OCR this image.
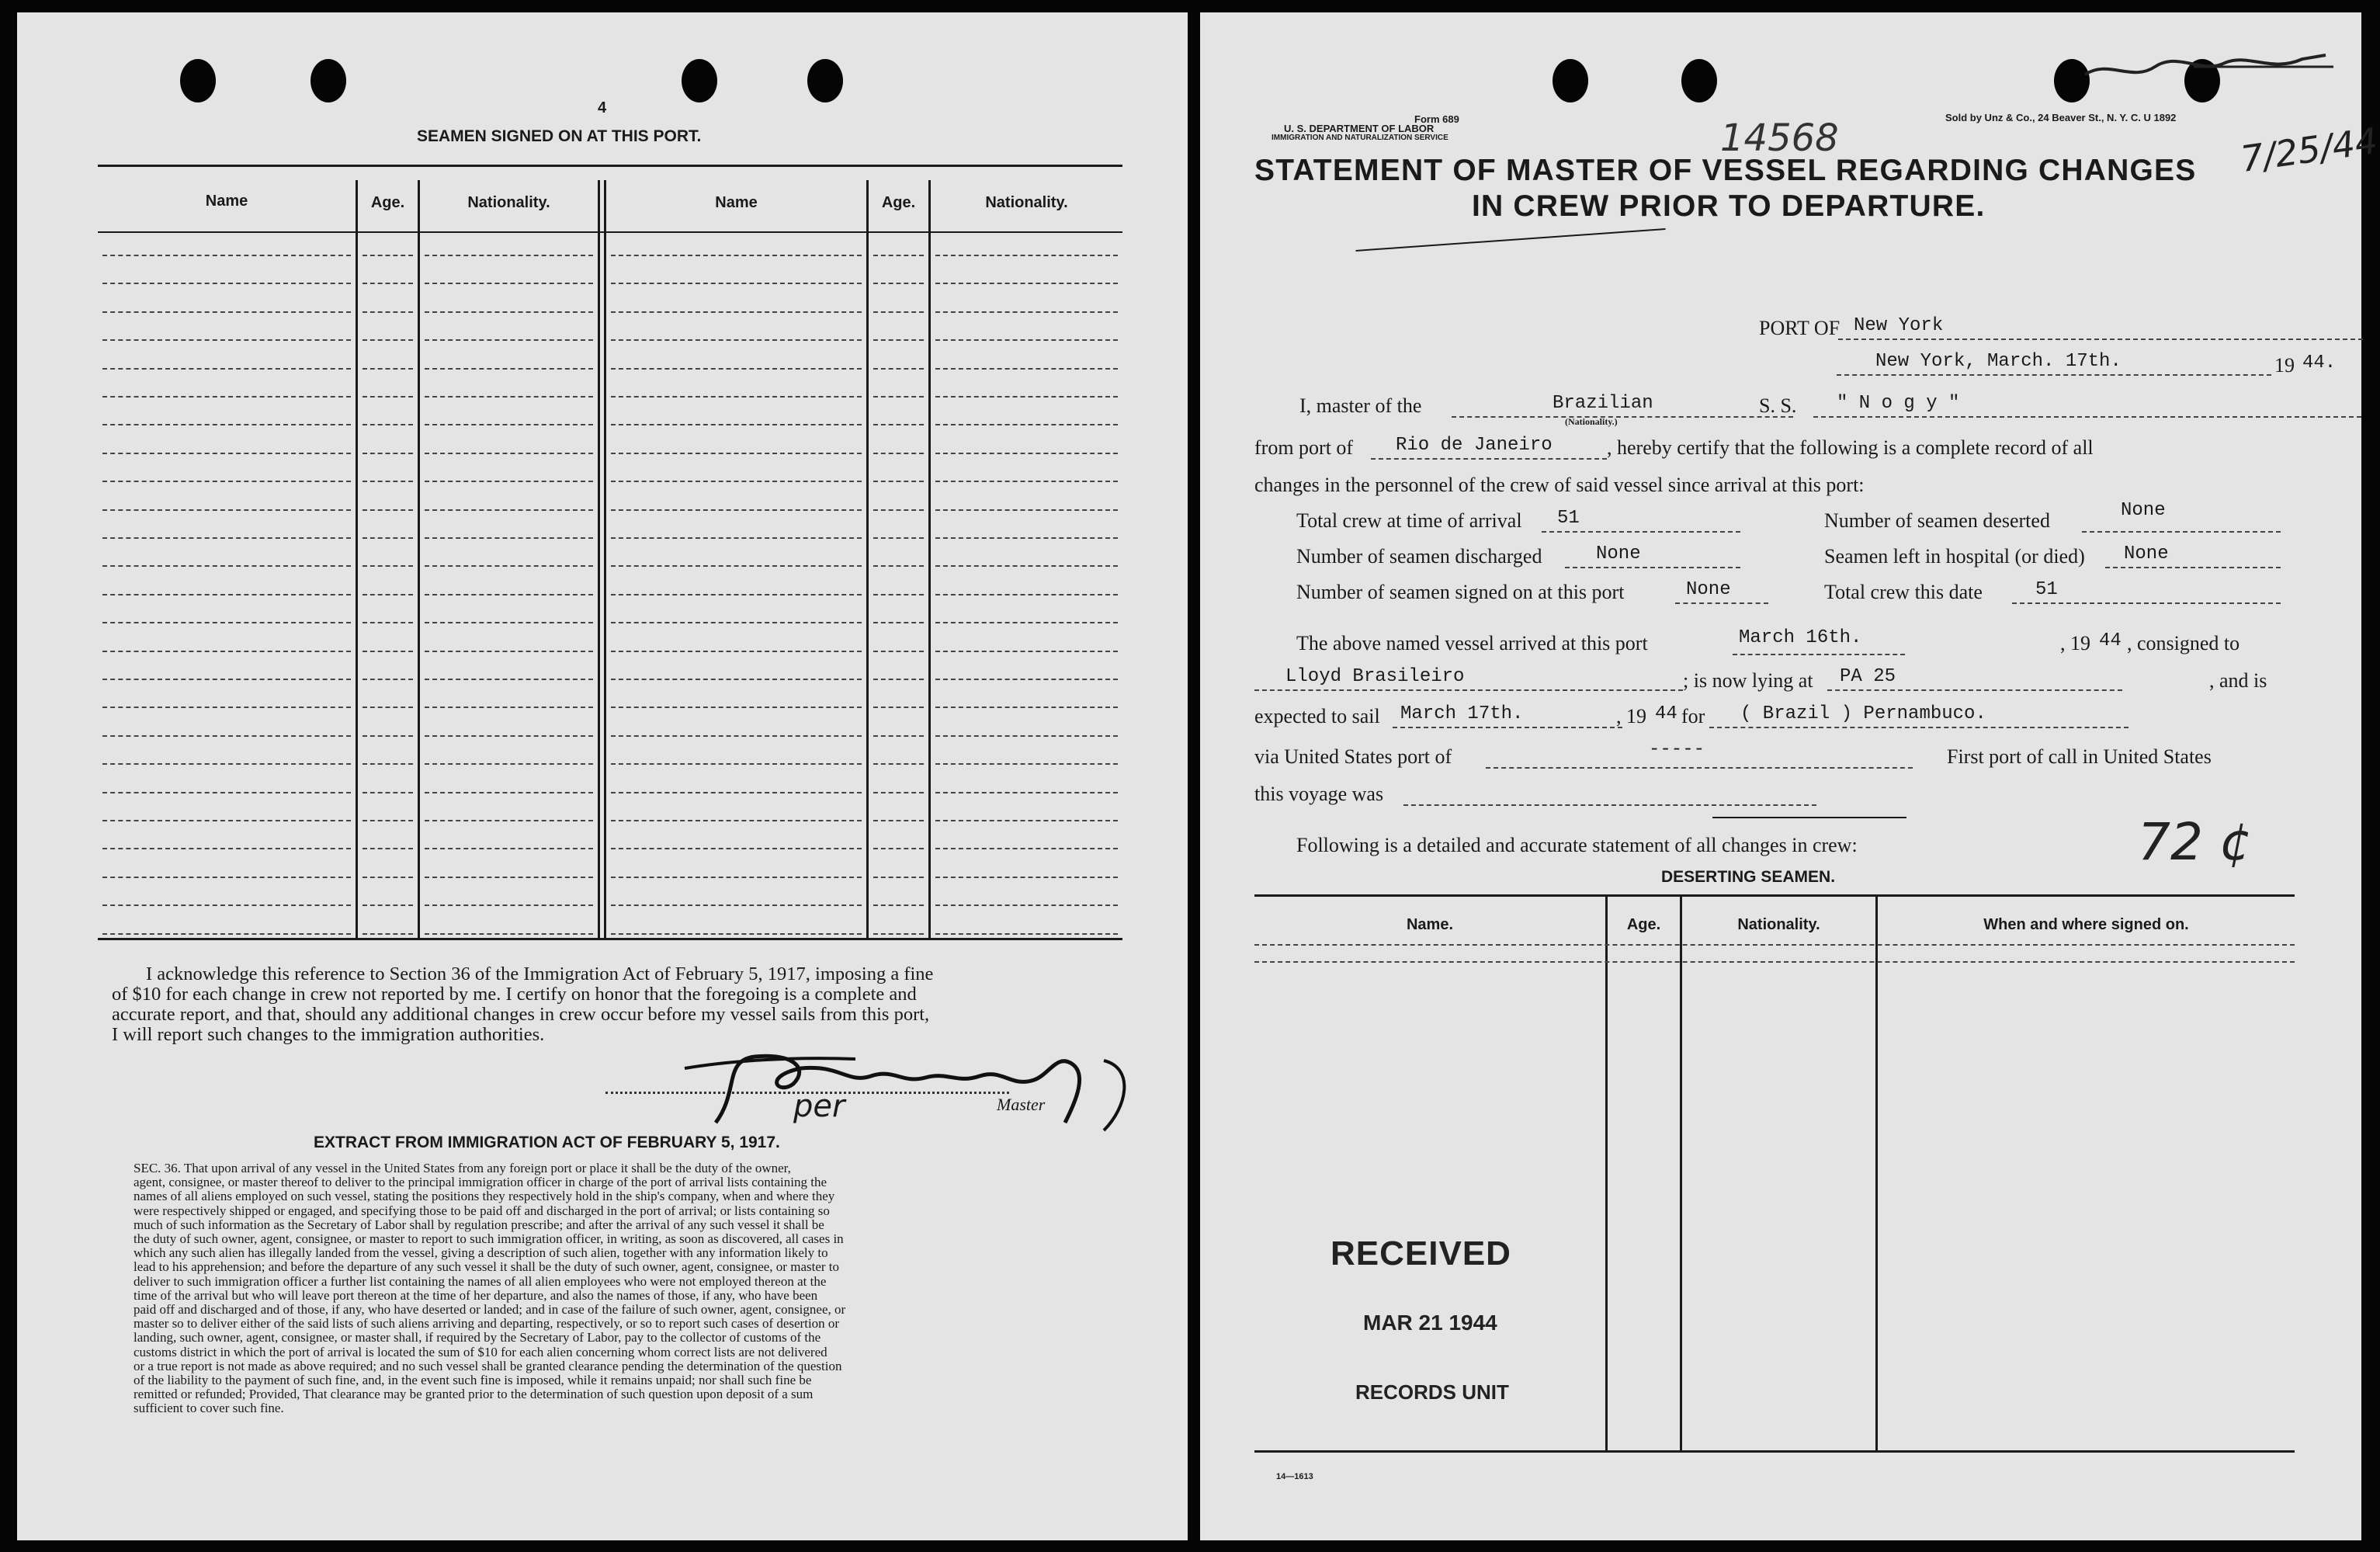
4
SEAMEN SIGNED ON AT THIS PORT.
Name	Age.	Nationality.	Name	Age.	Nationality.
I acknowledge this reference to Section 36 of the Immigration Act of February 5, 1917, imposing a fine
of $10 for each change in crew not reported by me. I certify on honor that the foregoing is a complete and
accurate report, and that, should any additional changes in crew occur before my vessel sails from this port,
I will report such changes to the immigration authorities.
per	Master
EXTRACT FROM IMMIGRATION ACT OF FEBRUARY 5, 1917.
SEC. 36. That upon arrival of any vessel in the United States from any foreign port or place it shall be the duty of the owner,
agent, consignee, or master thereof to deliver to the principal immigration officer in charge of the port of arrival lists containing the
names of all aliens employed on such vessel, stating the positions they respectively hold in the ship's company, when and where they
were respectively shipped or engaged, and specifying those to be paid off and discharged in the port of arrival; or lists containing so
much of such information as the Secretary of Labor shall by regulation prescribe; and after the arrival of any such vessel it shall be
the duty of such owner, agent, consignee, or master to report to such immigration officer, in writing, as soon as discovered, all cases in
which any such alien has illegally landed from the vessel, giving a description of such alien, together with any information likely to
lead to his apprehension; and before the departure of any such vessel it shall be the duty of such owner, agent, consignee, or master to
deliver to such immigration officer a further list containing the names of all alien employees who were not employed thereon at the
time of the arrival but who will leave port thereon at the time of her departure, and also the names of those, if any, who have been
paid off and discharged and of those, if any, who have deserted or landed; and in case of the failure of such owner, agent, consignee, or
master so to deliver either of the said lists of such aliens arriving and departing, respectively, or so to report such cases of desertion or
landing, such owner, agent, consignee, or master shall, if required by the Secretary of Labor, pay to the collector of customs of the
customs district in which the port of arrival is located the sum of $10 for each alien concerning whom correct lists are not delivered
or a true report is not made as above required; and no such vessel shall be granted clearance pending the determination of the question
of the liability to the payment of such fine, and, in the event such fine is imposed, while it remains unpaid; nor shall such fine be
remitted or refunded; Provided, That clearance may be granted prior to the determination of such question upon deposit of a sum
sufficient to cover such fine.
Form 689
U. S. DEPARTMENT OF LABOR
IMMIGRATION AND NATURALIZATION SERVICE	14568	Sold by Unz & Co., 24 Beaver St., N. Y. C. U 1892
7/25/44
STATEMENT OF MASTER OF VESSEL REGARDING CHANGES
IN CREW PRIOR TO DEPARTURE.
PORT OF New York
New York, March. 17th.	19 44.
I, master of the	Brazilian
(Nationality.)
S. S. " N o g y "
from port of Rio de Janeiro	, hereby certify that the following is a complete record of all
changes in the personnel of the crew of said vessel since arrival at this port:
Total crew at time of arrival 51	Number of seamen deserted	None
Number of seamen discharged	None	Seamen left in hospital (or died) None
Number of seamen signed on at this port	None	Total crew this date	51
The above named vessel arrived at this port	March 16th.	, 19 44 , consigned to
Lloyd Brasileiro	; is now lying at PA 25	, and is
expected to sail March 17th.	, 19 44 for ( Brazil ) Pernambuco.
via United States port of	-----	First port of call in United States
this voyage was
Following is a detailed and accurate statement of all changes in crew:	72 ¢
DESERTING SEAMEN.
Name.	Age.	Nationality.	When and where signed on.
RECEIVED
MAR 21 1944
RECORDS UNIT
14—1613
